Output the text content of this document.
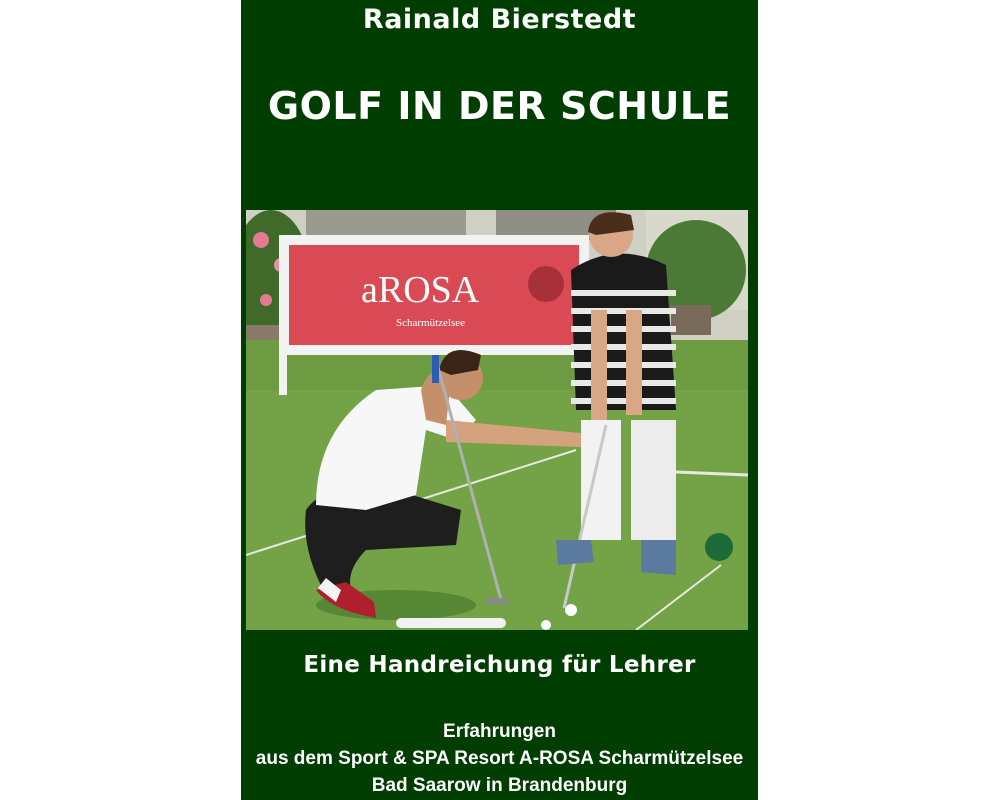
Rainald Bierstedt
GOLF IN DER SCHULE
aROSA
Scharmützelsee
Eine Handreichung für Lehrer
Erfahrungen
aus dem Sport & SPA Resort A-ROSA Scharmützelsee
Bad Saarow in Brandenburg
